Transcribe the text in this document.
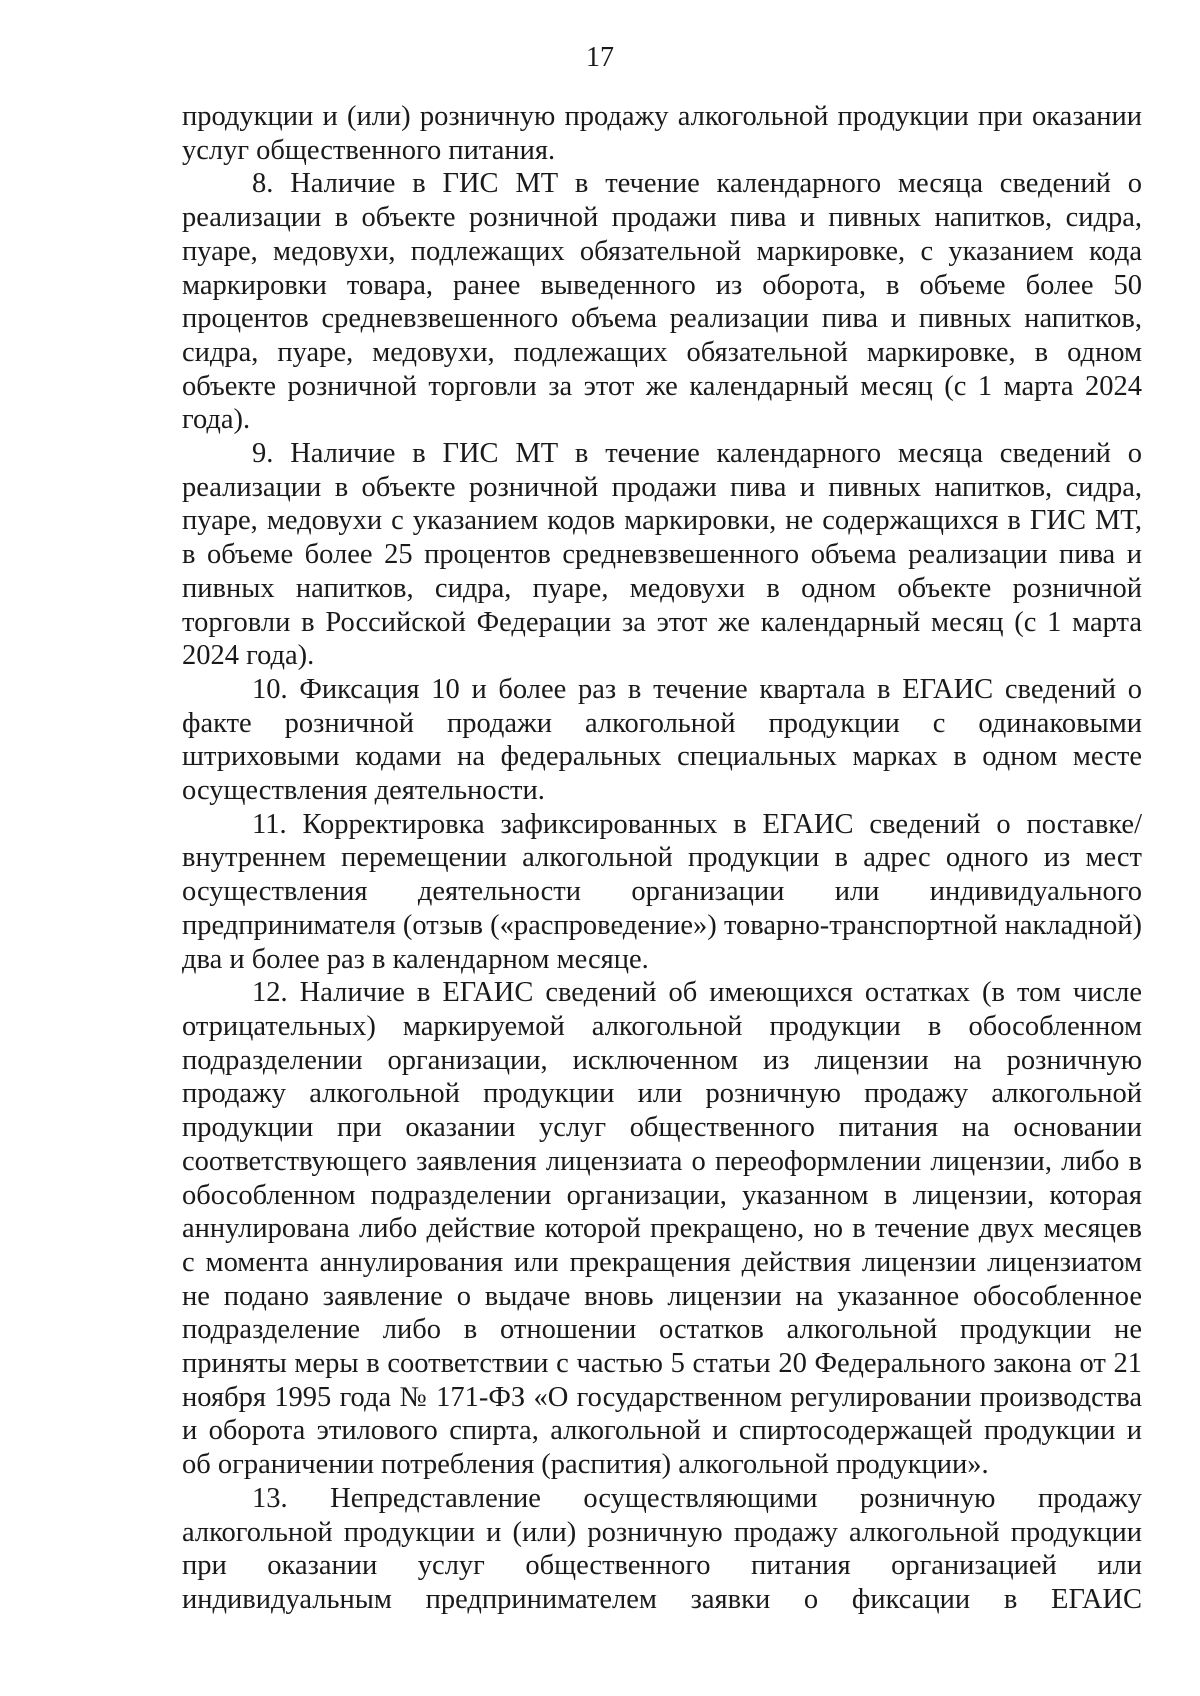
17

продукции и (или) розничную продажу алкогольной продукции при оказании услуг общественного питания.

8. Наличие в ГИС МТ в течение календарного месяца сведений о реализации в объекте розничной продажи пива и пивных напитков, сидра, пуаре, медовухи, подлежащих обязательной маркировке, с указанием кода маркировки товара, ранее выведенного из оборота, в объеме более 50 процентов средневзвешенного объема реализации пива и пивных напитков, сидра, пуаре, медовухи, подлежащих обязательной маркировке, в одном объекте розничной торговли за этот же календарный месяц (с 1 марта 2024 года).

9. Наличие в ГИС МТ в течение календарного месяца сведений о реализации в объекте розничной продажи пива и пивных напитков, сидра, пуаре, медовухи с указанием кодов маркировки, не содержащихся в ГИС МТ, в объеме более 25 процентов средневзвешенного объема реализации пива и пивных напитков, сидра, пуаре, медовухи в одном объекте розничной торговли в Российской Федерации за этот же календарный месяц (с 1 марта 2024 года).

10. Фиксация 10 и более раз в течение квартала в ЕГАИС сведений о факте розничной продажи алкогольной продукции с одинаковыми штриховыми кодами на федеральных специальных марках в одном месте осуществления деятельности.

11. Корректировка зафиксированных в ЕГАИС сведений о поставке/ внутреннем перемещении алкогольной продукции в адрес одного из мест осуществления деятельности организации или индивидуального предпринимателя (отзыв («распроведение») товарно-транспортной накладной) два и более раз в календарном месяце.

12. Наличие в ЕГАИС сведений об имеющихся остатках (в том числе отрицательных) маркируемой алкогольной продукции в обособленном подразделении организации, исключенном из лицензии на розничную продажу алкогольной продукции или розничную продажу алкогольной продукции при оказании услуг общественного питания на основании соответствующего заявления лицензиата о переоформлении лицензии, либо в обособленном подразделении организации, указанном в лицензии, которая аннулирована либо действие которой прекращено, но в течение двух месяцев с момента аннулирования или прекращения действия лицензии лицензиатом не подано заявление о выдаче вновь лицензии на указанное обособленное подразделение либо в отношении остатков алкогольной продукции не приняты меры в соответствии с частью 5 статьи 20 Федерального закона от 21 ноября 1995 года № 171-ФЗ «О государственном регулировании производства и оборота этилового спирта, алкогольной и спиртосодержащей продукции и об ограничении потребления (распития) алкогольной продукции».

13. Непредставление осуществляющими розничную продажу алкогольной продукции и (или) розничную продажу алкогольной продукции при оказании услуг общественного питания организацией или индивидуальным предпринимателем заявки о фиксации в ЕГАИС
